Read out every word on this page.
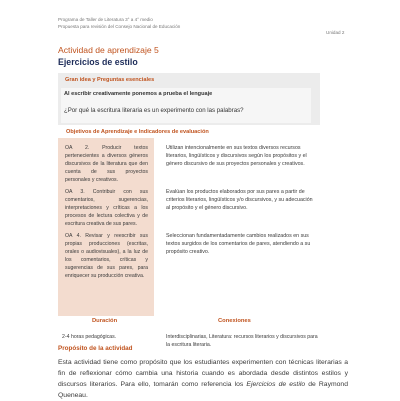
Programa de Taller de Literatura 3° a 4° medio
Propuesta para revisión del Consejo Nacional de Educación
Unidad 2
Actividad de aprendizaje 5
Ejercicios de estilo
Gran idea y Preguntas esenciales
Al escribir creativamente ponemos a prueba el lenguaje
¿Por qué la escritura literaria es un experimento con las palabras?
Objetivos de Aprendizaje e Indicadores de evaluación
OA 2. Producir textos pertenecientes a diversos géneros discursivos de la literatura que den cuenta de sus proyectos personales y creativos.
OA 3. Contribuir con sus comentarios, sugerencias, interpretaciones y críticas a los procesos de lectura colectiva y de escritura creativa de sus pares.
OA 4. Revisar y reescribir sus propias producciones (escritas, orales o audiovisuales), a la luz de los comentarios, críticas y sugerencias de sus pares, para enriquecer su producción creativa.
Utilizan intencionalmente en sus textos diversos recursos literarios, lingüísticos y discursivos según los propósitos y el género discursivo de sus proyectos personales y creativos.
Evalúan los productos elaborados por sus pares a partir de criterios literarios, lingüísticos y/o discursivos, y su adecuación al propósito y el género discursivo.
Seleccionan fundamentadamente cambios realizados en sus textos surgidos de los comentarios de pares, atendiendo a su propósito creativo.
Duración	Conexiones
2-4 horas pedagógicas.	Interdisciplinarias, Literatura: recursos literarios y discursivos para la escritura literaria.
Propósito de la actividad
Esta actividad tiene como propósito que los estudiantes experimenten con técnicas literarias a fin de reflexionar cómo cambia una historia cuando es abordada desde distintos estilos y discursos literarios. Para ello, tomarán como referencia los Ejercicios de estilo de Raymond Queneau.
